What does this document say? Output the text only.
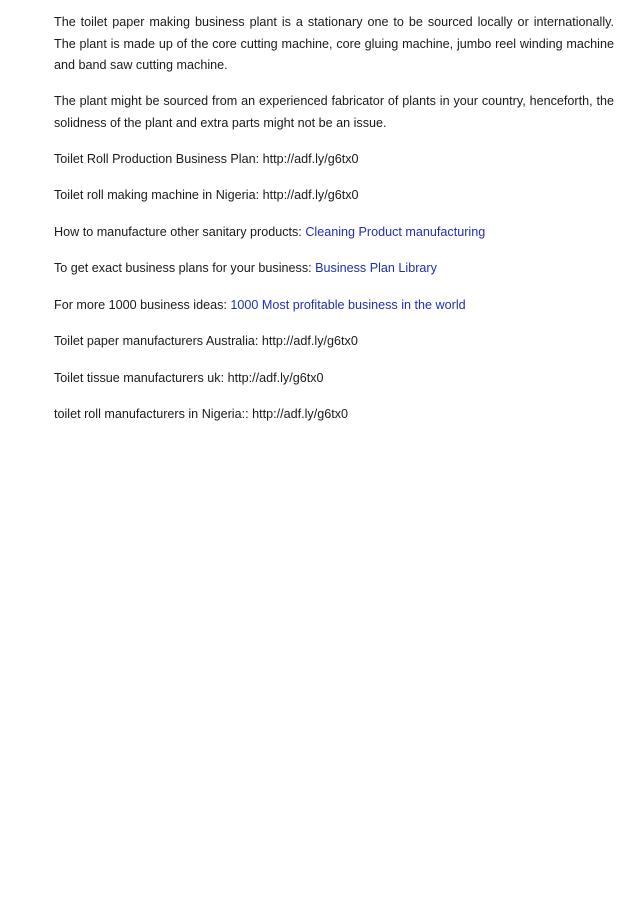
The toilet paper making business plant is a stationary one to be sourced locally or internationally. The plant is made up of the core cutting machine, core gluing machine, jumbo reel winding machine and band saw cutting machine.

The plant might be sourced from an experienced fabricator of plants in your country, henceforth, the solidness of the plant and extra parts might not be an issue.

Toilet Roll Production Business Plan: http://adf.ly/g6tx0
Toilet roll making machine in Nigeria: http://adf.ly/g6tx0
How to manufacture other sanitary products: Cleaning Product manufacturing
To get exact business plans for your business: Business Plan Library
For more 1000 business ideas: 1000 Most profitable business in the world
Toilet paper manufacturers Australia: http://adf.ly/g6tx0
Toilet tissue manufacturers uk: http://adf.ly/g6tx0
toilet roll manufacturers in Nigeria:: http://adf.ly/g6tx0
